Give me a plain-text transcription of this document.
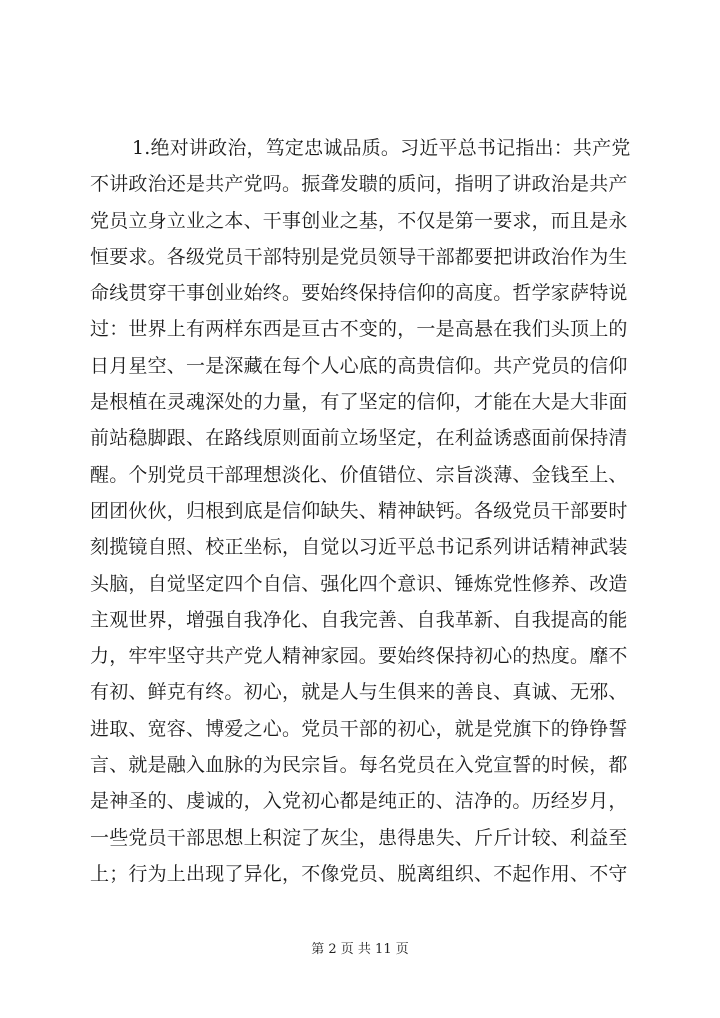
1.绝对讲政治，笃定忠诚品质。习近平总书记指出：共产党
不讲政治还是共产党吗。振聋发聩的质问，指明了讲政治是共产
党员立身立业之本、干事创业之基，不仅是第一要求，而且是永
恒要求。各级党员干部特别是党员领导干部都要把讲政治作为生
命线贯穿干事创业始终。要始终保持信仰的高度。哲学家萨特说
过：世界上有两样东西是亘古不变的，一是高悬在我们头顶上的
日月星空、一是深藏在每个人心底的高贵信仰。共产党员的信仰
是根植在灵魂深处的力量，有了坚定的信仰，才能在大是大非面
前站稳脚跟、在路线原则面前立场坚定，在利益诱惑面前保持清
醒。个别党员干部理想淡化、价值错位、宗旨淡薄、金钱至上、
团团伙伙，归根到底是信仰缺失、精神缺钙。各级党员干部要时
刻揽镜自照、校正坐标，自觉以习近平总书记系列讲话精神武装
头脑，自觉坚定四个自信、强化四个意识、锤炼党性修养、改造
主观世界，增强自我净化、自我完善、自我革新、自我提高的能
力，牢牢坚守共产党人精神家园。要始终保持初心的热度。靡不
有初、鲜克有终。初心，就是人与生俱来的善良、真诚、无邪、
进取、宽容、博爱之心。党员干部的初心，就是党旗下的铮铮誓
言、就是融入血脉的为民宗旨。每名党员在入党宣誓的时候，都
是神圣的、虔诚的，入党初心都是纯正的、洁净的。历经岁月，
一些党员干部思想上积淀了灰尘，患得患失、斤斤计较、利益至
上；行为上出现了异化，不像党员、脱离组织、不起作用、不守
第 2 页 共 11 页
